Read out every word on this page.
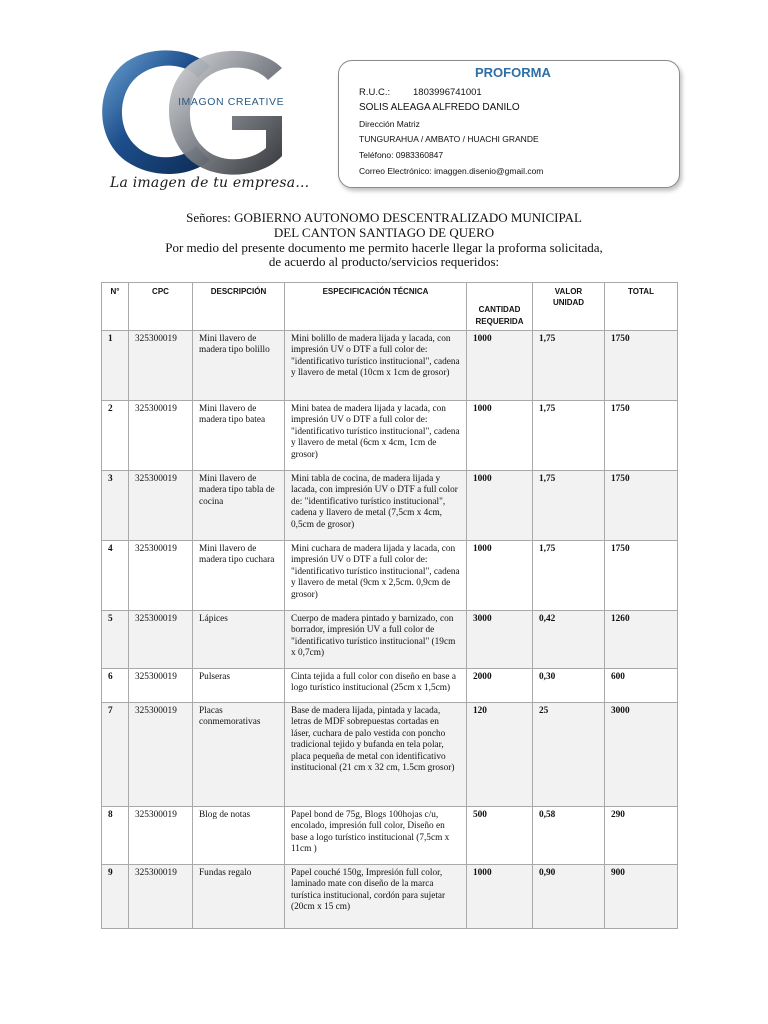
IMAGON CREATIVE
La imagen de tu empresa...
PROFORMA
R.U.C.: 1803996741001
SOLIS ALEAGA ALFREDO DANILO
Dirección Matriz
TUNGURAHUA / AMBATO / HUACHI GRANDE
Teléfono: 0983360847
Correo Electrónico: imaggen.disenio@gmail.com
Señores: GOBIERNO AUTONOMO DESCENTRALIZADO MUNICIPAL
DEL CANTON SANTIAGO DE QUERO
Por medio del presente documento me permito hacerle llegar la proforma solicitada,
de acuerdo al producto/servicios requeridos:
N°	CPC	DESCRIPCIÓN	ESPECIFICACIÓN TÉCNICA	CANTIDAD REQUERIDA	VALOR UNIDAD	TOTAL
1	325300019	Mini llavero de madera tipo bolillo	Mini bolillo de madera lijada y lacada, con impresión UV o DTF a full color de: "identificativo turístico institucional", cadena y llavero de metal (10cm x 1cm de grosor)	1000	1,75	1750
2	325300019	Mini llavero de madera tipo batea	Mini batea de madera lijada y lacada, con impresión UV o DTF a full color de: "identificativo turístico institucional", cadena y llavero de metal (6cm x 4cm, 1cm de grosor)	1000	1,75	1750
3	325300019	Mini llavero de madera tipo tabla de cocina	Mini tabla de cocina, de madera lijada y lacada, con impresión UV o DTF a full color de: "identificativo turístico institucional", cadena y llavero de metal (7,5cm x 4cm, 0,5cm de grosor)	1000	1,75	1750
4	325300019	Mini llavero de madera tipo cuchara	Mini cuchara de madera lijada y lacada, con impresión UV o DTF a full color de: "identificativo turístico institucional", cadena y llavero de metal (9cm x 2,5cm. 0,9cm de grosor)	1000	1,75	1750
5	325300019	Lápices	Cuerpo de madera pintado y barnizado, con borrador, impresión UV a full color de "identificativo turístico institucional" (19cm x 0,7cm)	3000	0,42	1260
6	325300019	Pulseras	Cinta tejida a full color con diseño en base a logo turístico institucional (25cm x 1,5cm)	2000	0,30	600
7	325300019	Placas conmemorativas	Base de madera lijada, pintada y lacada, letras de MDF sobrepuestas cortadas en láser, cuchara de palo vestida con poncho tradicional tejido y bufanda en tela polar, placa pequeña de metal con identificativo institucional (21 cm x 32 cm, 1.5cm grosor)	120	25	3000
8	325300019	Blog de notas	Papel bond de 75g, Blogs 100hojas c/u, encolado, impresión full color, Diseño en base a logo turístico institucional (7,5cm x 11cm )	500	0,58	290
9	325300019	Fundas regalo	Papel couché 150g, Impresión full color, laminado mate con diseño de la marca turística institucional, cordón para sujetar (20cm x 15 cm)	1000	0,90	900
